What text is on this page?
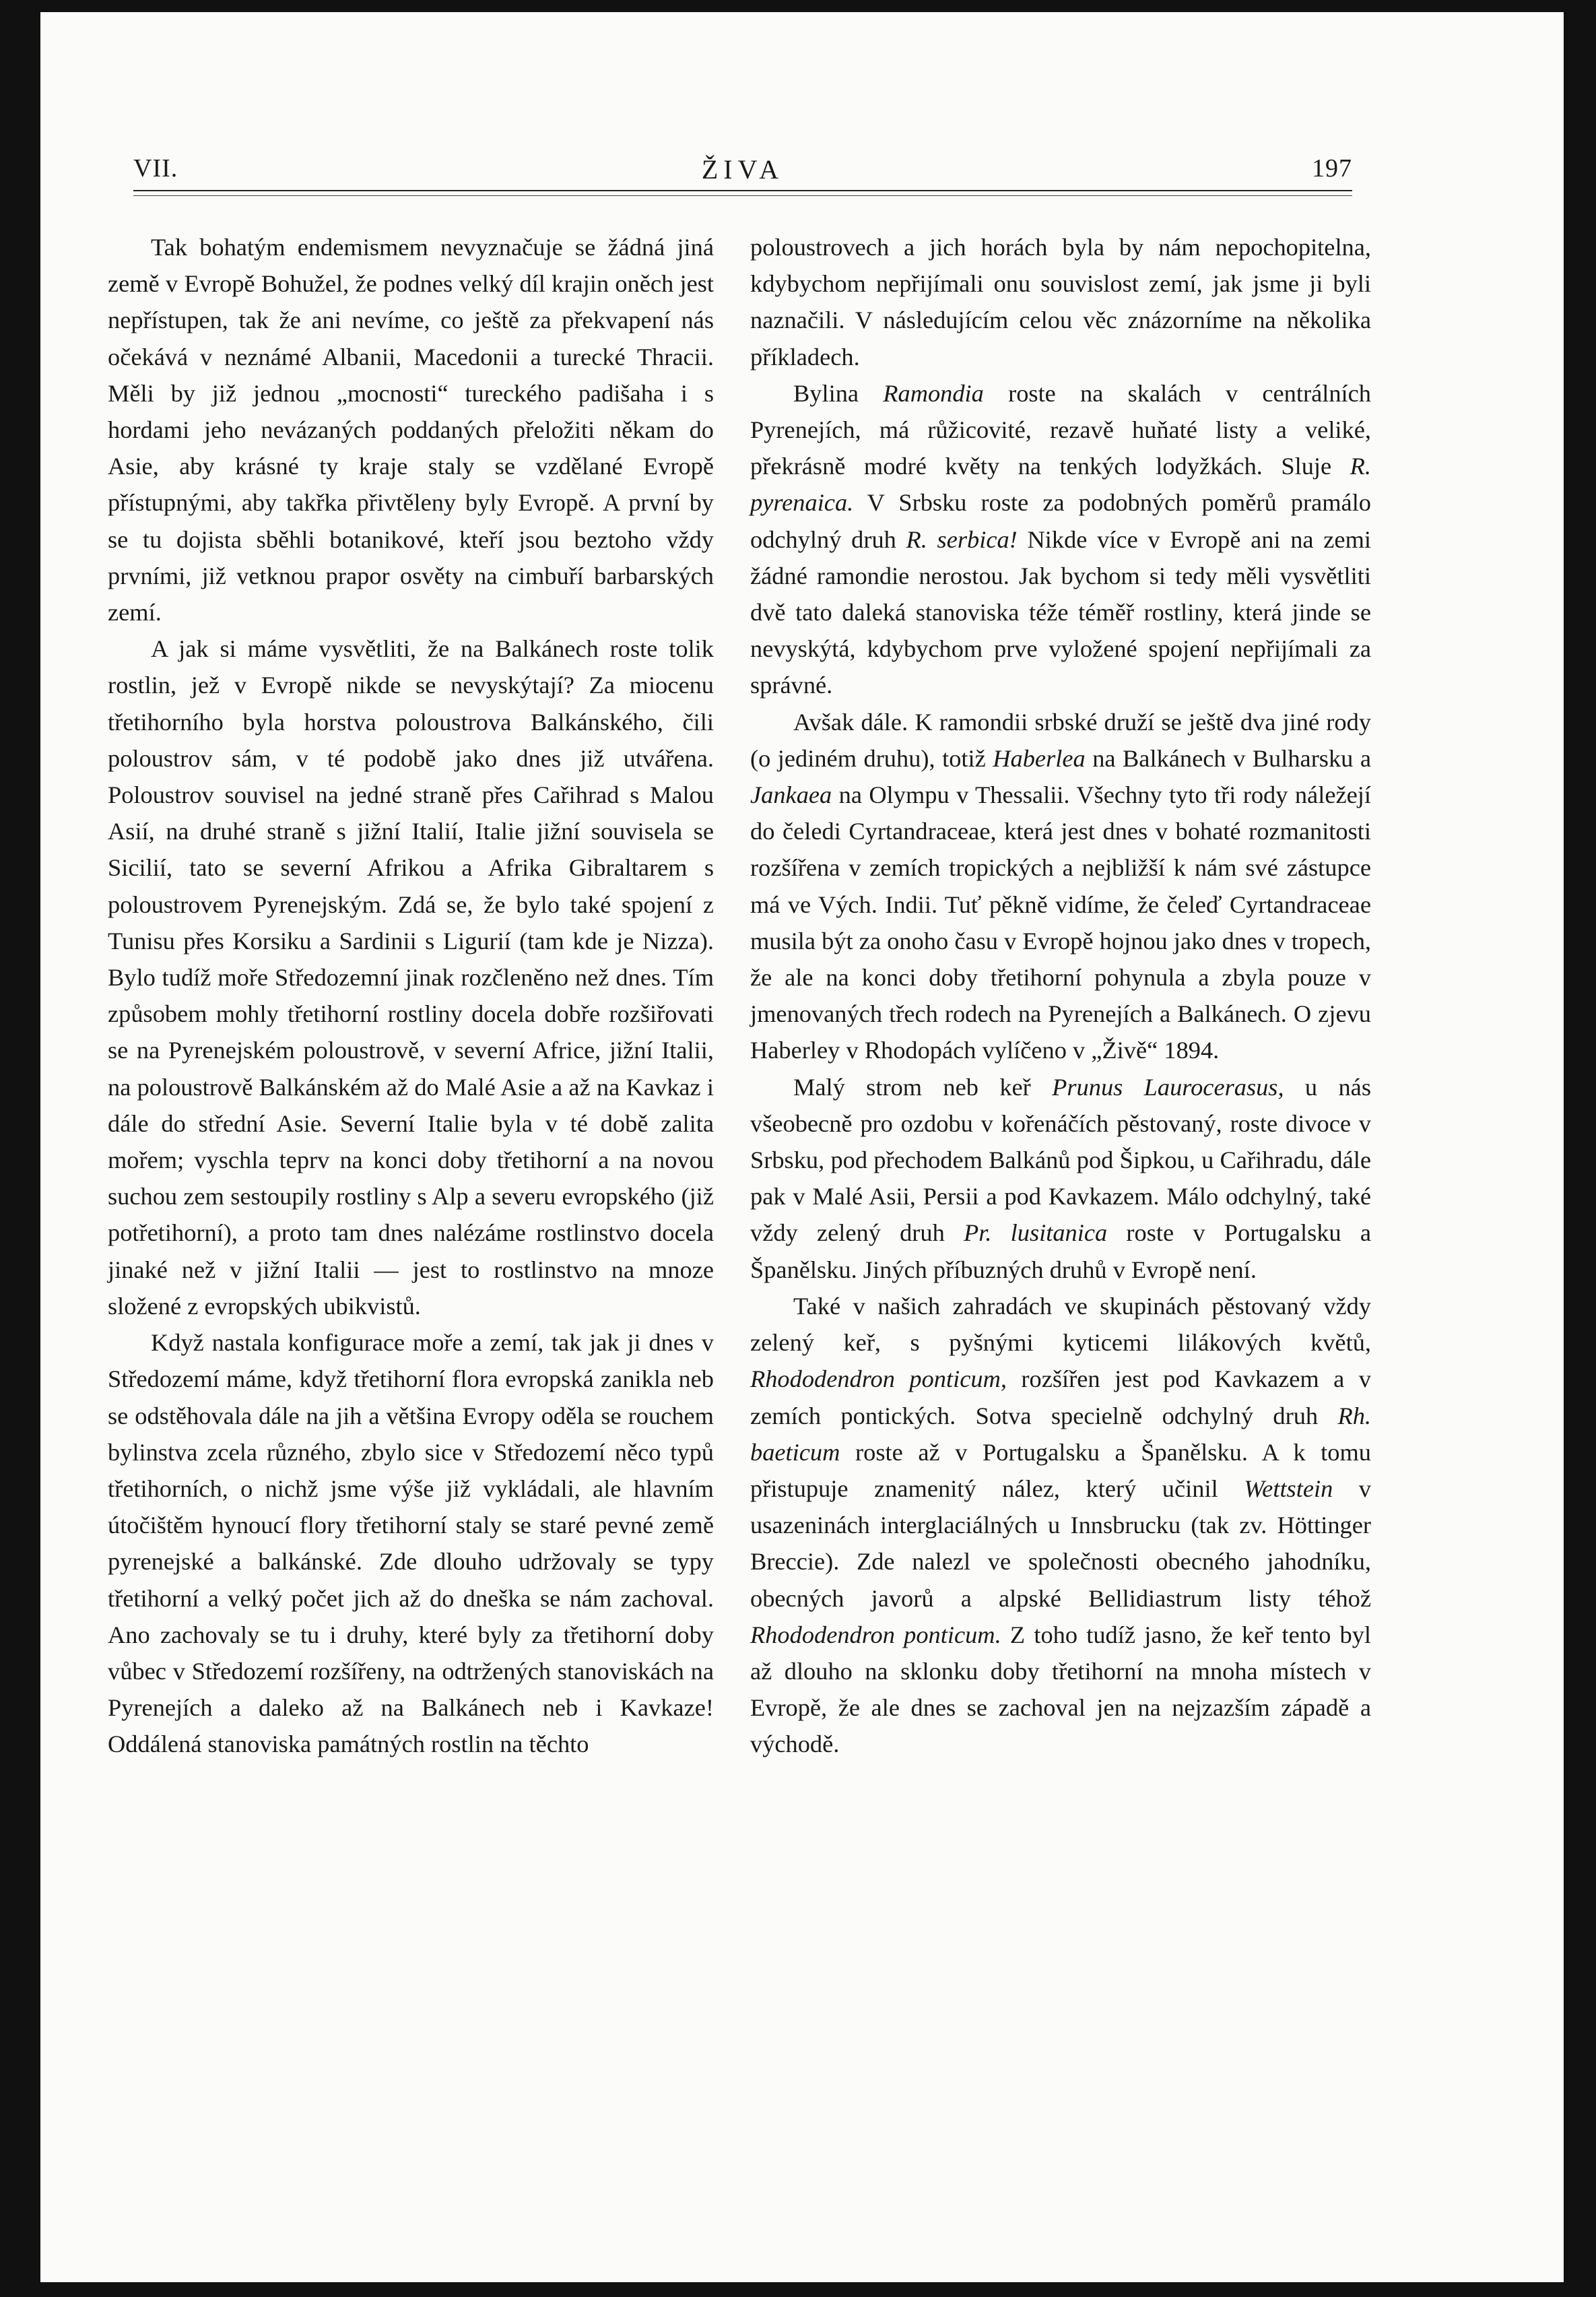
VII.	ŽIVA	197

Tak bohatým endemismem nevyznačuje se žádná jiná země v Evropě Bohužel, že podnes velký díl krajin oněch jest nepřístupen, tak že ani nevíme, co ještě za překvapení nás očekává v neznámé Albanii, Macedonii a turecké Thracii. Měli by již jednou „mocnosti“ tureckého padišaha i s hordami jeho nevázaných poddaných přeložiti někam do Asie, aby krásné ty kraje staly se vzdělané Evropě přístupnými, aby takřka přivtěleny byly Evropě. A první by se tu dojista sběhli botanikové, kteří jsou beztoho vždy prvními, již vetknou prapor osvěty na cimbuří barbarských zemí.

A jak si máme vysvětliti, že na Balkánech roste tolik rostlin, jež v Evropě nikde se nevyskýtají? Za miocenu třetihorního byla horstva poloustrova Balkánského, čili poloustrov sám, v té podobě jako dnes již utvářena. Poloustrov souvisel na jedné straně přes Cařihrad s Malou Asií, na druhé straně s jižní Italií, Italie jižní souvisela se Sicilií, tato se severní Afrikou a Afrika Gibraltarem s poloustrovem Pyrenejským. Zdá se, že bylo také spojení z Tunisu přes Korsiku a Sardinii s Ligurií (tam kde je Nizza). Bylo tudíž moře Středozemní jinak rozčleněno než dnes. Tím způsobem mohly třetihorní rostliny docela dobře rozšiřovati se na Pyrenejském poloustrově, v severní Africe, jižní Italii, na poloustrově Balkánském až do Malé Asie a až na Kavkaz i dále do střední Asie. Severní Italie byla v té době zalita mořem; vyschla teprv na konci doby třetihorní a na novou suchou zem sestoupily rostliny s Alp a severu evropského (již potřetihorní), a proto tam dnes nalézáme rostlinstvo docela jinaké než v jižní Italii — jest to rostlinstvo na mnoze složené z evropských ubikvistů.

Když nastala konfigurace moře a zemí, tak jak ji dnes v Středozemí máme, když třetihorní flora evropská zanikla neb se odstěhovala dále na jih a většina Evropy oděla se rouchem bylinstva zcela různého, zbylo sice v Středozemí něco typů třetihorních, o nichž jsme výše již vykládali, ale hlavním útočištěm hynoucí flory třetihorní staly se staré pevné země pyrenejské a balkánské. Zde dlouho udržovaly se typy třetihorní a velký počet jich až do dneška se nám zachoval. Ano zachovaly se tu i druhy, které byly za třetihorní doby vůbec v Středozemí rozšířeny, na odtržených stanoviskách na Pyrenejích a daleko až na Balkánech neb i Kavkaze! Oddálená stanoviska památných rostlin na těchto

poloustrovech a jich horách byla by nám nepochopitelna, kdybychom nepřijímali onu souvislost zemí, jak jsme ji byli naznačili. V následujícím celou věc znázorníme na několika příkladech.

Bylina Ramondia roste na skalách v centrálních Pyrenejích, má růžicovité, rezavě huňaté listy a veliké, překrásně modré květy na tenkých lodyžkách. Sluje R. pyrenaica. V Srbsku roste za podobných poměrů pramálo odchylný druh R. serbica! Nikde více v Evropě ani na zemi žádné ramondie nerostou. Jak bychom si tedy měli vysvětliti dvě tato daleká stanoviska téže téměř rostliny, která jinde se nevyskýtá, kdybychom prve vyložené spojení nepřijímali za správné.

Avšak dále. K ramondii srbské druží se ještě dva jiné rody (o jediném druhu), totiž Haberlea na Balkánech v Bulharsku a Jankaea na Olympu v Thessalii. Všechny tyto tři rody náležejí do čeledi Cyrtandraceae, která jest dnes v bohaté rozmanitosti rozšířena v zemích tropických a nejbližší k nám své zástupce má ve Vých. Indii. Tuť pěkně vidíme, že čeleď Cyrtandraceae musila být za onoho času v Evropě hojnou jako dnes v tropech, že ale na konci doby třetihorní pohynula a zbyla pouze v jmenovaných třech rodech na Pyrenejích a Balkánech. O zjevu Haberley v Rhodopách vylíčeno v „Živě“ 1894.

Malý strom neb keř Prunus Laurocerasus, u nás všeobecně pro ozdobu v kořenáčích pěstovaný, roste divoce v Srbsku, pod přechodem Balkánů pod Šipkou, u Cařihradu, dále pak v Malé Asii, Persii a pod Kavkazem. Málo odchylný, také vždy zelený druh Pr. lusitanica roste v Portugalsku a Španělsku. Jiných příbuzných druhů v Evropě není.

Také v našich zahradách ve skupinách pěstovaný vždy zelený keř, s pyšnými kyticemi lilákových květů, Rhododendron ponticum, rozšířen jest pod Kavkazem a v zemích pontických. Sotva specielně odchylný druh Rh. baeticum roste až v Portugalsku a Španělsku. A k tomu přistupuje znamenitý nález, který učinil Wettstein v usazeninách interglaciálných u Innsbrucku (tak zv. Höttinger Breccie). Zde nalezl ve společnosti obecného jahodníku, obecných javorů a alpské Bellidiastrum listy téhož Rhododendron ponticum. Z toho tudíž jasno, že keř tento byl až dlouho na sklonku doby třetihorní na mnoha místech v Evropě, že ale dnes se zachoval jen na nejzazším západě a východě.
